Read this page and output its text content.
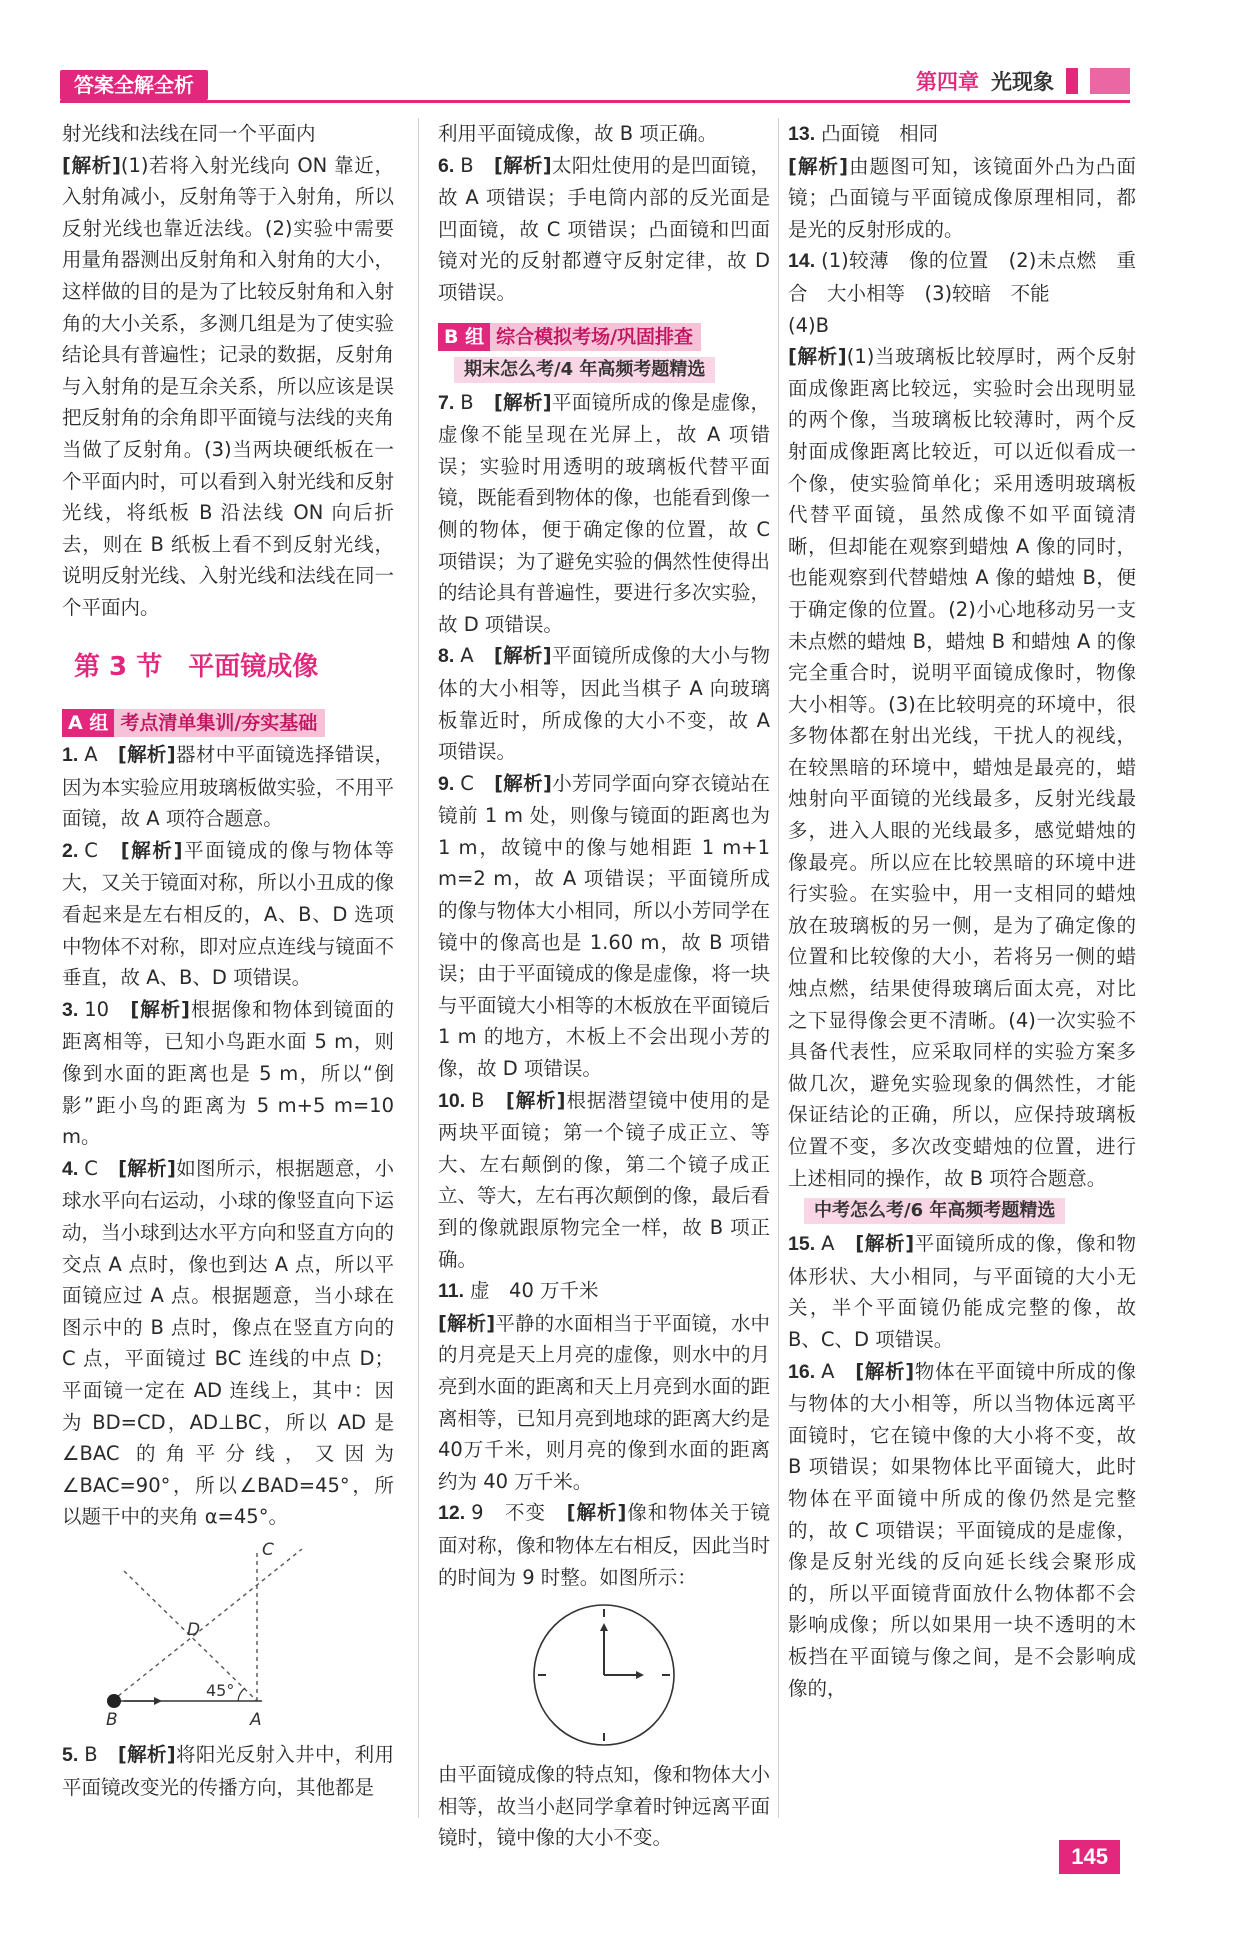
答案全解全析	第四章 光现象

射光线和法线在同一个平面内

[解析](1)若将入射光线向 ON 靠近，入射角减小，反射角等于入射角，所以反射光线也靠近法线。(2)实验中需要用量角器测出反射角和入射角的大小，这样做的目的是为了比较反射角和入射角的大小关系，多测几组是为了使实验结论具有普遍性；记录的数据，反射角与入射角的是互余关系，所以应该是误把反射角的余角即平面镜与法线的夹角当做了反射角。(3)当两块硬纸板在一个平面内时，可以看到入射光线和反射光线，将纸板 B 沿法线 ON 向后折去，则在 B 纸板上看不到反射光线，说明反射光线、入射光线和法线在同一个平面内。

第 3 节　平面镜成像
A 组 考点清单集训/夯实基础

1. A　 [解析]器材中平面镜选择错误，因为本实验应用玻璃板做实验，不用平面镜，故 A 项符合题意。

2. C　 [解析]平面镜成的像与物体等大，又关于镜面对称，所以小丑成的像看起来是左右相反的，A、B、D 选项中物体不对称，即对应点连线与镜面不垂直，故 A、B、D 项错误。

3. 10　 [解析]根据像和物体到镜面的距离相等，已知小鸟距水面 5 m，则像到水面的距离也是 5 m，所以“倒影”距小鸟的距离为 5 m+5 m=10 m。

4. C　 [解析]如图所示，根据题意，小球水平向右运动，小球的像竖直向下运动，当小球到达水平方向和竖直方向的交点 A 点时，像也到达 A 点，所以平面镜应过 A 点。根据题意，当小球在图示中的 B 点时，像点在竖直方向的 C 点，平面镜过 BC 连线的中点 D；平面镜一定在 AD 连线上，其中：因为 BD=CD，AD⊥BC，所以 AD 是∠BAC 的角平分线，又因为∠BAC=90°，所以∠BAD=45°，所以题干中的夹角 α=45°。

C
D
B	A
45°

5. B　 [解析]将阳光反射入井中，利用平面镜改变光的传播方向，其他都是

利用平面镜成像，故 B 项正确。

6. B　 [解析]太阳灶使用的是凹面镜，故 A 项错误；手电筒内部的反光面是凹面镜，故 C 项错误；凸面镜和凹面镜对光的反射都遵守反射定律，故 D 项错误。

B 组 综合模拟考场/巩固排查 期末怎么考/4 年高频考题精选

7. B　 [解析]平面镜所成的像是虚像，虚像不能呈现在光屏上，故 A 项错误；实验时用透明的玻璃板代替平面镜，既能看到物体的像，也能看到像一侧的物体，便于确定像的位置，故 C 项错误；为了避免实验的偶然性使得出的结论具有普遍性，要进行多次实验，故 D 项错误。

8. A　 [解析]平面镜所成像的大小与物体的大小相等，因此当棋子 A 向玻璃板靠近时，所成像的大小不变，故 A 项错误。

9. C　 [解析]小芳同学面向穿衣镜站在镜前 1 m 处，则像与镜面的距离也为 1 m，故镜中的像与她相距 1 m+1 m=2 m，故 A 项错误；平面镜所成的像与物体大小相同，所以小芳同学在镜中的像高也是 1.60 m，故 B 项错误；由于平面镜成的像是虚像，将一块与平面镜大小相等的木板放在平面镜后 1 m 的地方，木板上不会出现小芳的像，故 D 项错误。

10. B　 [解析]根据潜望镜中使用的是两块平面镜；第一个镜子成正立、等大、左右颠倒的像，第二个镜子成正立、等大，左右再次颠倒的像，最后看到的像就跟原物完全一样，故 B 项正确。

11. 虚　40 万千米

[解析]平静的水面相当于平面镜，水中的月亮是天上月亮的虚像，则水中的月亮到水面的距离和天上月亮到水面的距离相等，已知月亮到地球的距离大约是 40万千米，则月亮的像到水面的距离约为 40 万千米。

12. 9　不变　 [解析]像和物体关于镜面对称，像和物体左右相反，因此当时的时间为 9 时整。如图所示：

由平面镜成像的特点知，像和物体大小相等，故当小赵同学拿着时钟远离平面镜时，镜中像的大小不变。

13. 凸面镜　相同

[解析]由题图可知，该镜面外凸为凸面镜；凸面镜与平面镜成像原理相同，都是光的反射形成的。

14. (1)较薄　像的位置　(2)未点燃　重合　大小相等　(3)较暗　不能

(4)B

[解析](1)当玻璃板比较厚时，两个反射面成像距离比较远，实验时会出现明显的两个像，当玻璃板比较薄时，两个反射面成像距离比较近，可以近似看成一个像，使实验简单化；采用透明玻璃板代替平面镜，虽然成像不如平面镜清晰，但却能在观察到蜡烛 A 像的同时，也能观察到代替蜡烛 A 像的蜡烛 B，便于确定像的位置。(2)小心地移动另一支未点燃的蜡烛 B，蜡烛 B 和蜡烛 A 的像完全重合时，说明平面镜成像时，物像大小相等。(3)在比较明亮的环境中，很多物体都在射出光线，干扰人的视线，在较黑暗的环境中，蜡烛是最亮的，蜡烛射向平面镜的光线最多，反射光线最多，进入人眼的光线最多，感觉蜡烛的像最亮。所以应在比较黑暗的环境中进行实验。在实验中，用一支相同的蜡烛放在玻璃板的另一侧，是为了确定像的位置和比较像的大小，若将另一侧的蜡烛点燃，结果使得玻璃后面太亮，对比之下显得像会更不清晰。(4)一次实验不具备代表性，应采取同样的实验方案多做几次，避免实验现象的偶然性，才能保证结论的正确，所以，应保持玻璃板位置不变，多次改变蜡烛的位置，进行上述相同的操作，故 B 项符合题意。

中考怎么考/6 年高频考题精选

15. A　 [解析]平面镜所成的像，像和物体形状、大小相同，与平面镜的大小无关，半个平面镜仍能成完整的像，故 B、C、D 项错误。

16. A　 [解析]物体在平面镜中所成的像与物体的大小相等，所以当物体远离平面镜时，它在镜中像的大小将不变，故 B 项错误；如果物体比平面镜大，此时物体在平面镜中所成的像仍然是完整的，故 C 项错误；平面镜成的是虚像，像是反射光线的反向延长线会聚形成的，所以平面镜背面放什么物体都不会影响成像；所以如果用一块不透明的木板挡在平面镜与像之间，是不会影响成像的，

145
